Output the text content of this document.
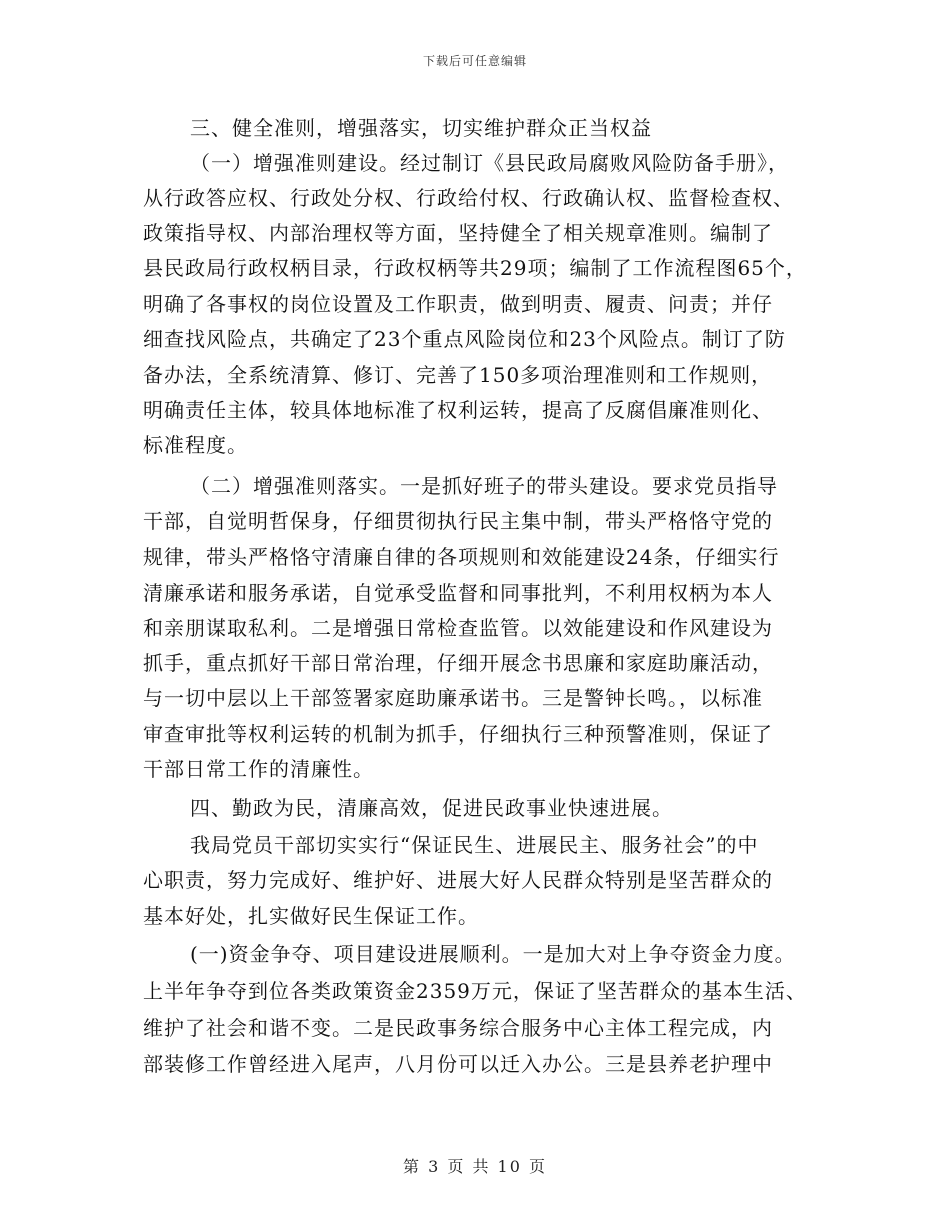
下载后可任意编辑
三、健全准则，增强落实，切实维护群众正当权益
（一）增强准则建设。经过制订《县民政局腐败风险防备手册》，
从行政答应权、行政处分权、行政给付权、行政确认权、监督检查权、
政策指导权、内部治理权等方面，坚持健全了相关规章准则。编制了
县民政局行政权柄目录，行政权柄等共29项；编制了工作流程图65个，
明确了各事权的岗位设置及工作职责，做到明责、履责、问责；并仔
细查找风险点，共确定了23个重点风险岗位和23个风险点。制订了防
备办法，全系统清算、修订、完善了150多项治理准则和工作规则，
明确责任主体，较具体地标准了权利运转，提高了反腐倡廉准则化、
标准程度。
（二）增强准则落实。一是抓好班子的带头建设。要求党员指导
干部，自觉明哲保身，仔细贯彻执行民主集中制，带头严格恪守党的
规律，带头严格恪守清廉自律的各项规则和效能建设24条，仔细实行
清廉承诺和服务承诺，自觉承受监督和同事批判，不利用权柄为本人
和亲朋谋取私利。二是增强日常检查监管。以效能建设和作风建设为
抓手，重点抓好干部日常治理，仔细开展念书思廉和家庭助廉活动，
与一切中层以上干部签署家庭助廉承诺书。三是警钟长鸣。，以标准
审查审批等权利运转的机制为抓手，仔细执行三种预警准则，保证了
干部日常工作的清廉性。
四、勤政为民，清廉高效，促进民政事业快速进展。
我局党员干部切实实行“保证民生、进展民主、服务社会”的中
心职责，努力完成好、维护好、进展大好人民群众特别是坚苦群众的
基本好处，扎实做好民生保证工作。
(一)资金争夺、项目建设进展顺利。一是加大对上争夺资金力度。
上半年争夺到位各类政策资金2359万元，保证了坚苦群众的基本生活、
维护了社会和谐不变。二是民政事务综合服务中心主体工程完成，内
部装修工作曾经进入尾声，八月份可以迁入办公。三是县养老护理中
第 3 页 共 10 页
